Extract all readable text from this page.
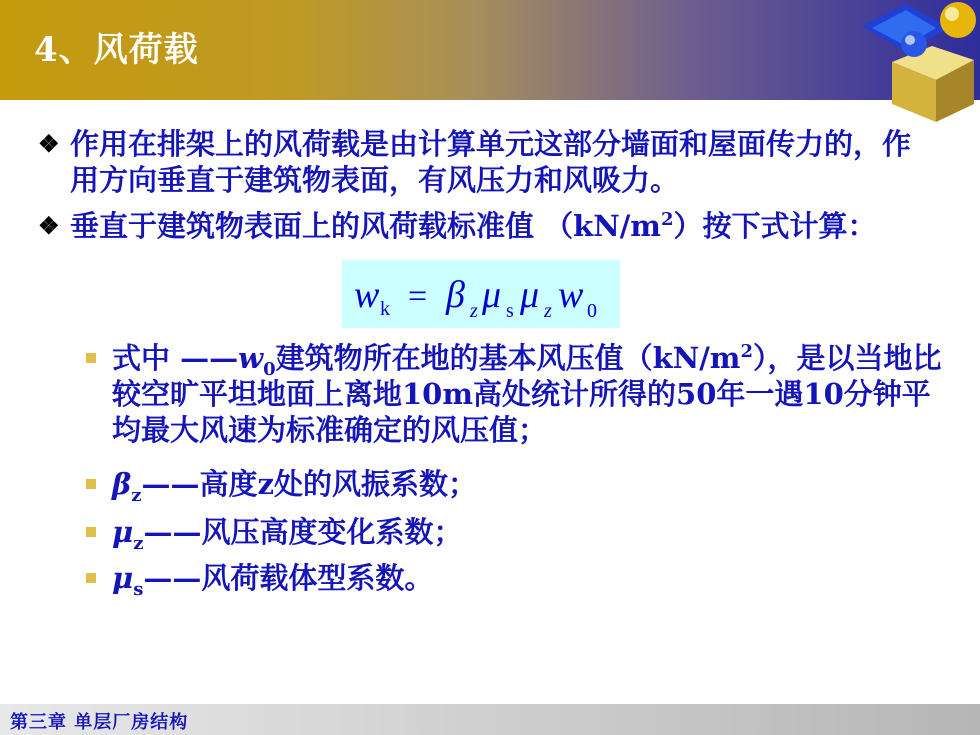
4、风荷载
❖ 作用在排架上的风荷载是由计算单元这部分墙面和屋面传力的，作用方向垂直于建筑物表面，有风压力和风吸力。
❖ 垂直于建筑物表面上的风荷载标准值 $(kN/m^2)$按下式计算：
w k = β z μ s μ z w 0
式中 $——w_0$建筑物所在地的基本风压值$(kN/m^2)$，是以当地比较空旷平坦地面上离地10m高处统计所得的50年一遇10分钟平均最大风速为标准确定的风压值；
$\beta_z——$高度z处的风振系数；
$\mu_z——$风压高度变化系数；
$\mu_s——$风荷载体型系数。
第三章 单层厂房结构
